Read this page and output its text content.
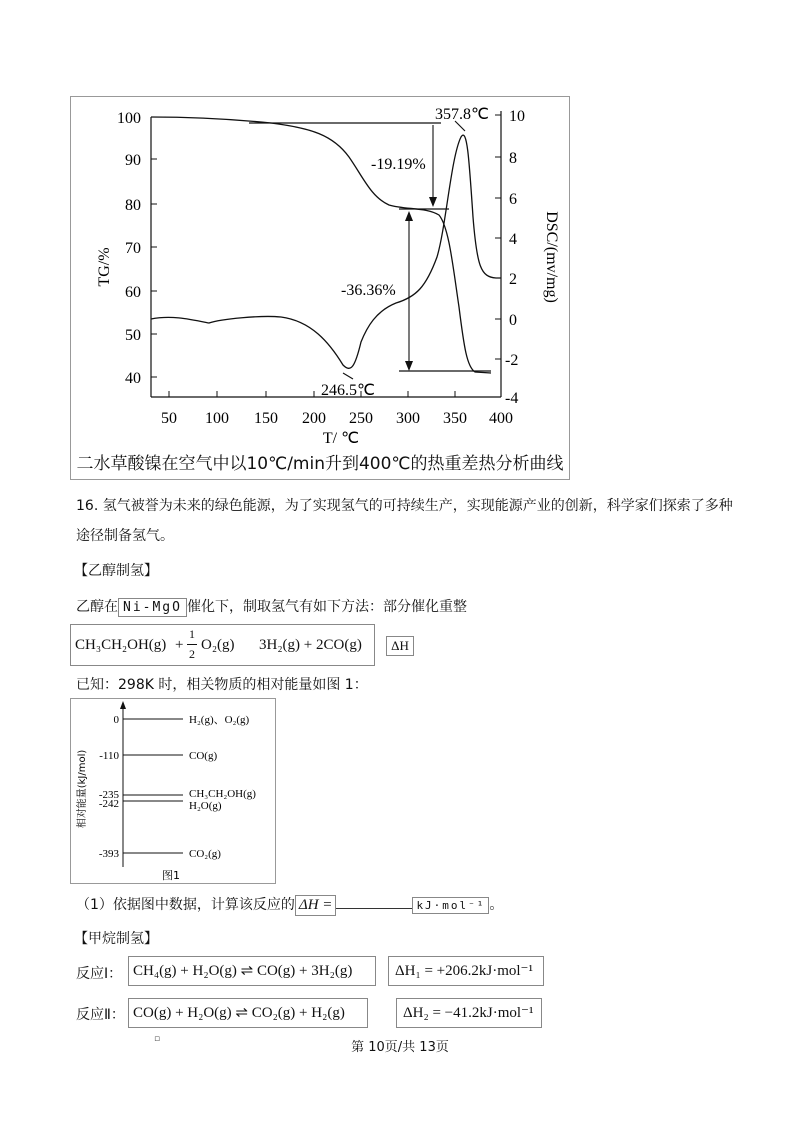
100
90
80
70
60
50
40
10
8
6
4
2
0
-2
-4
50 100 150 200 250 300 350 400
T/ ℃
TG/%	DSC/(mv/mg)
357.8℃
246.5℃
-19.19%
-36.36%
二水草酸镍在空气中以10℃/min升到400℃的热重差热分析曲线
16. 氢气被誉为未来的绿色能源，为了实现氢气的可持续生产，实现能源产业的创新，科学家们探索了多种
途径制备氢气。
【乙醇制氢】
乙醇在 Ni-MgO 催化下，制取氢气有如下方法：部分催化重整
CH₃CH₂OH(g) +
1
2
O₂(g) 3H₂(g) + 2CO(g)	ΔH
已知：298K 时，相关物质的相对能量如图 1：
相对能量(kJ/mol)
0
-110
-235
-242
-393
H₂(g)、O₂(g)
CO(g)
CH₃CH₂OH(g)
H₂O(g)
CO₂(g)
图1
（1）依据图中数据，计算该反应的 ΔH =	kJ·mol⁻¹ 。
【甲烷制氢】
反应Ⅰ： CH₄(g) + H₂O(g) ⇌ CO(g) + 3H₂(g)	ΔH₁ = +206.2kJ·mol⁻¹
反应Ⅱ： CO(g) + H₂O(g) ⇌ CO₂(g) + H₂(g)	ΔH₂ = −41.2kJ·mol⁻¹
▫
第 10页/共 13页
